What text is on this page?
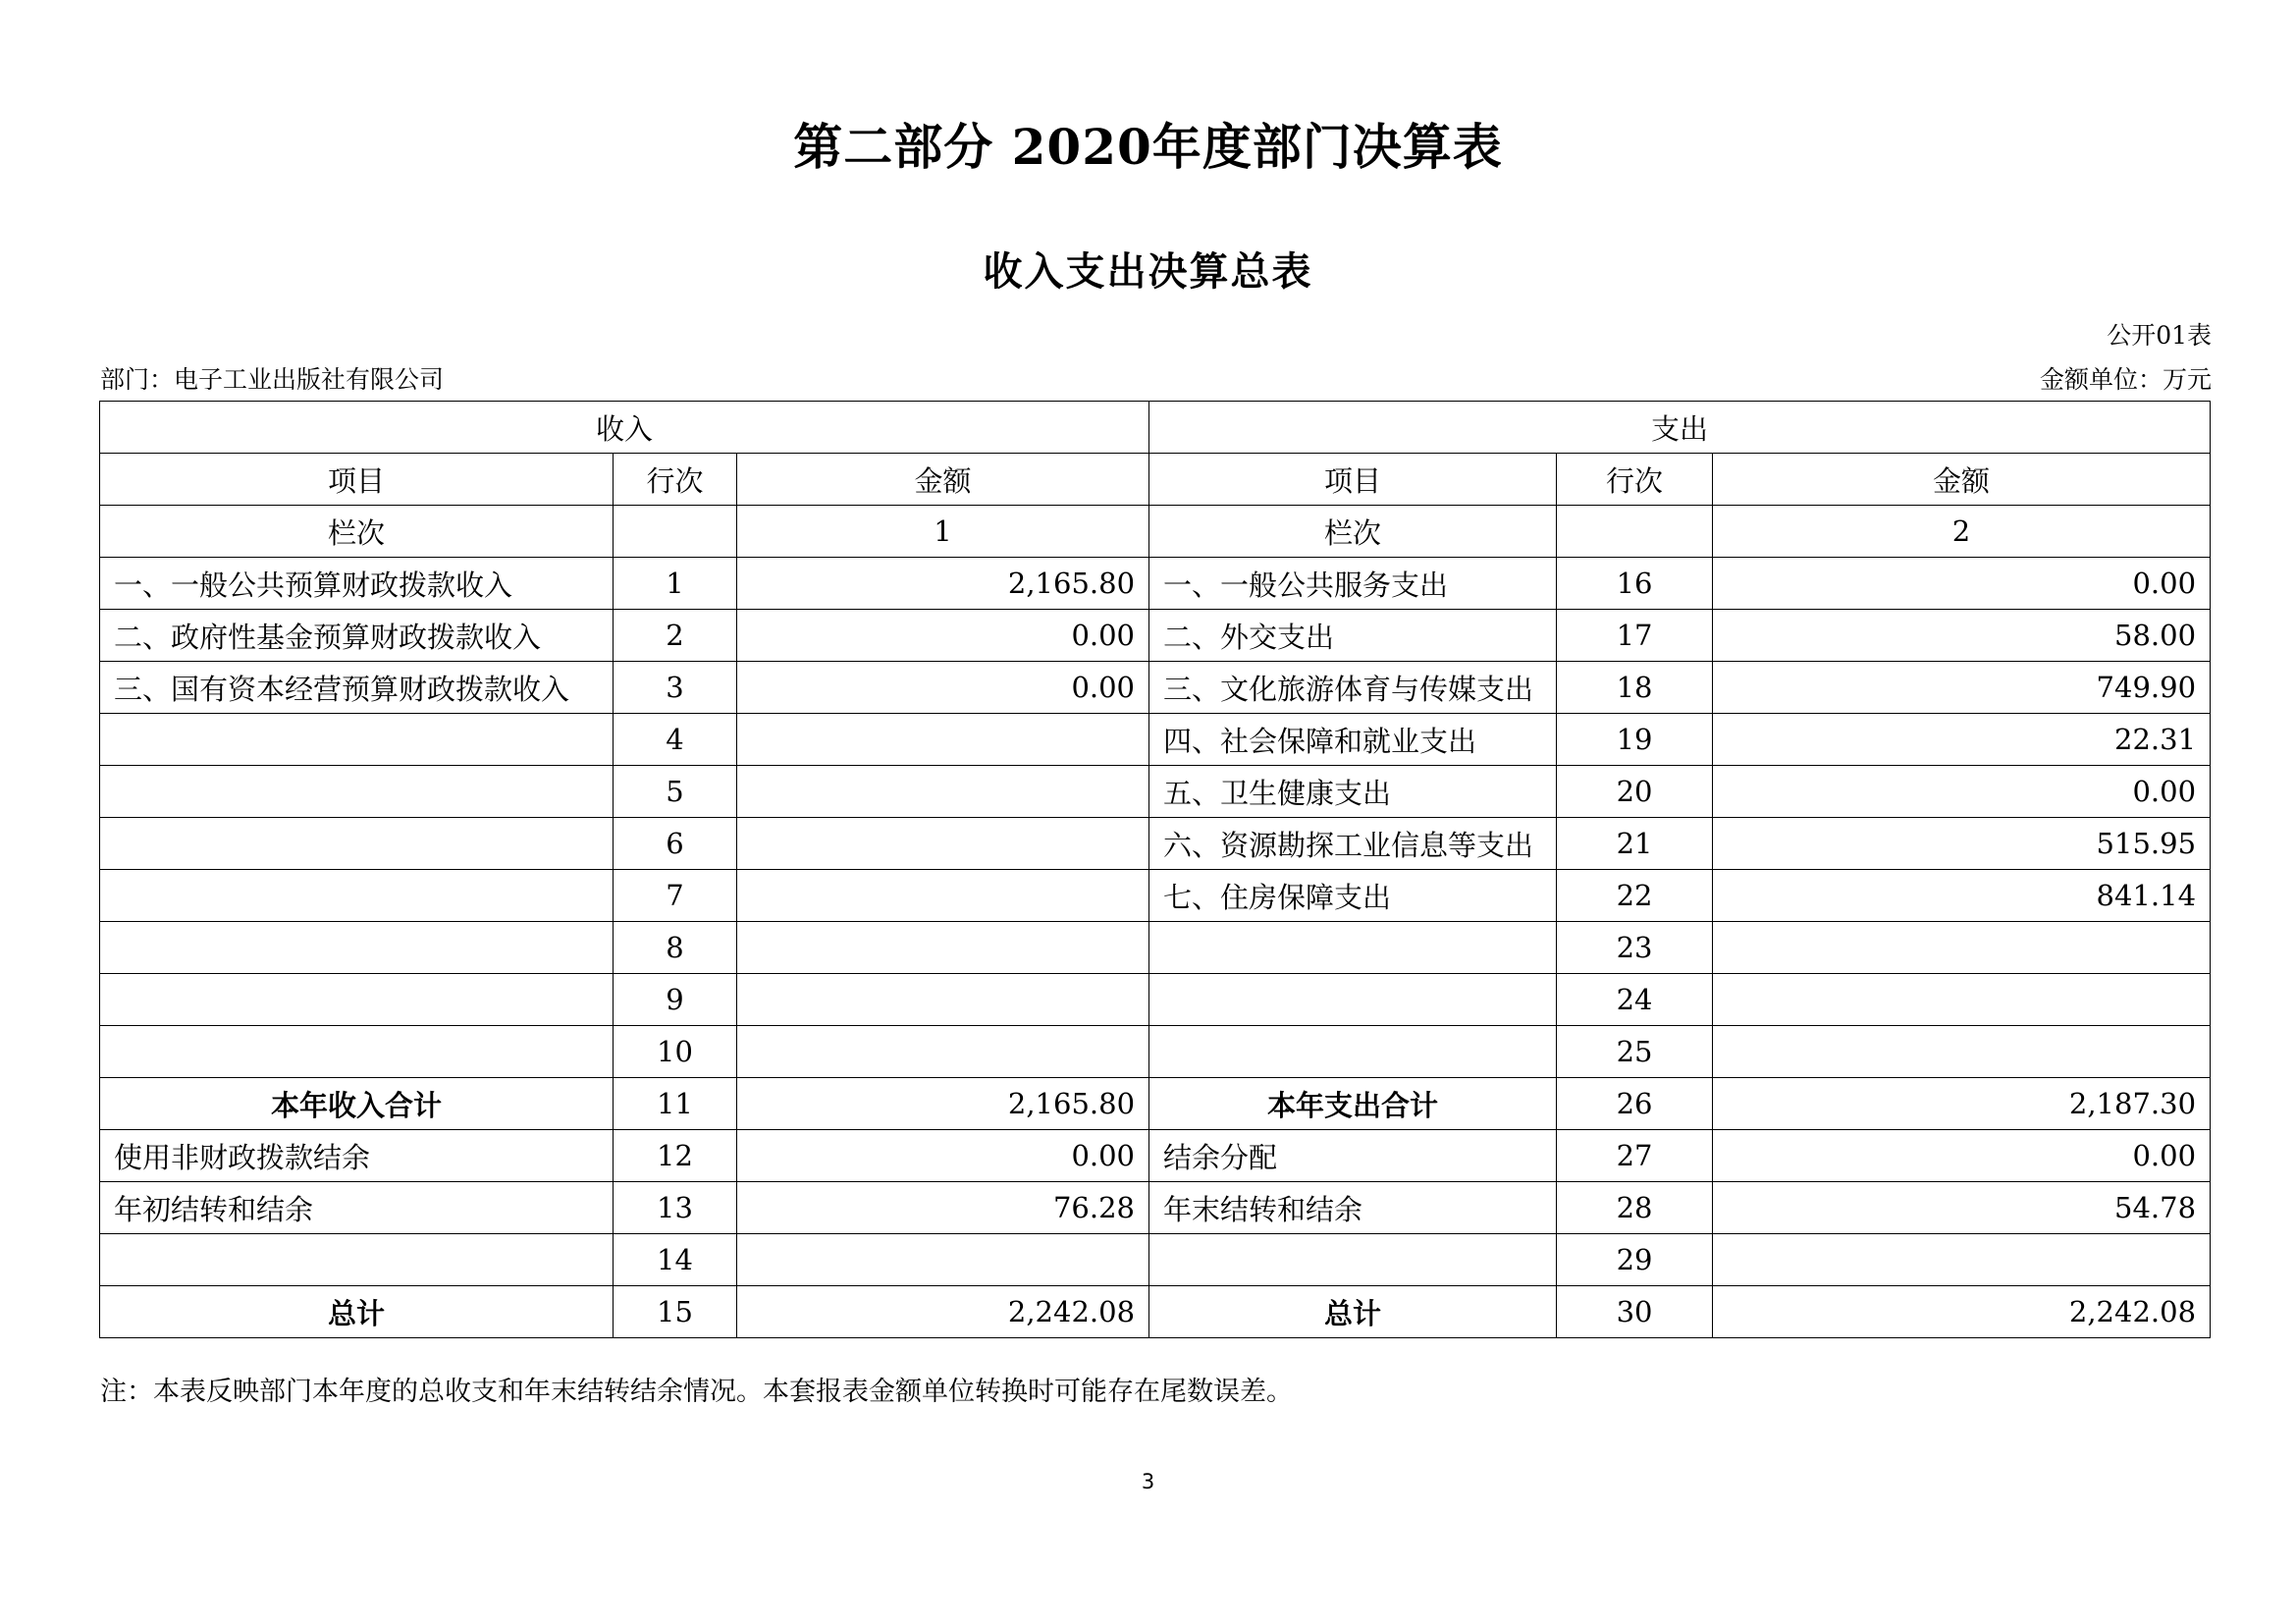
第二部分 2020年度部门决算表
收入支出决算总表
公开01表
部门：电子工业出版社有限公司	金额单位：万元
收入			支出		
项目	行次	金额	项目	行次	金额
栏次		1	栏次		2
一、一般公共预算财政拨款收入	1	2,165.80	一、一般公共服务支出	16	0.00
二、政府性基金预算财政拨款收入	2	0.00	二、外交支出	17	58.00
三、国有资本经营预算财政拨款收入	3	0.00	三、文化旅游体育与传媒支出	18	749.90
	4		四、社会保障和就业支出	19	22.31
	5		五、卫生健康支出	20	0.00
	6		六、资源勘探工业信息等支出	21	515.95
	7		七、住房保障支出	22	841.14
	8			23	
	9			24	
	10			25	
本年收入合计	11	2,165.80	本年支出合计	26	2,187.30
使用非财政拨款结余	12	0.00	结余分配	27	0.00
年初结转和结余	13	76.28	年末结转和结余	28	54.78
	14			29	
总计	15	2,242.08	总计	30	2,242.08
注：本表反映部门本年度的总收支和年末结转结余情况。本套报表金额单位转换时可能存在尾数误差。
3
